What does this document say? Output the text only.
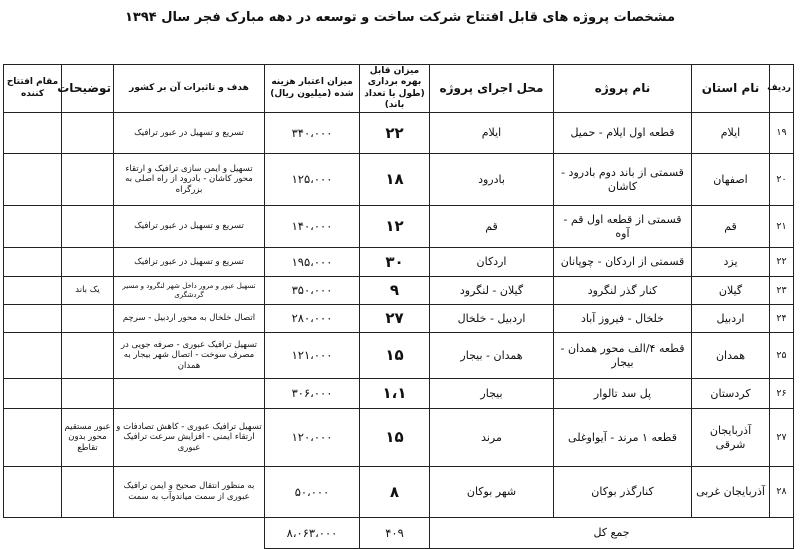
مشخصات پروژه های قابل افتتاح شرکت ساخت و توسعه در دهه مبارک فجر سال ۱۳۹۴
ردیف	نام استان	نام پروژه	محل اجرای پروژه	میزان قابل بهره برداری (طول یا تعداد باند)	میزان اعتبار هزینه شده (میلیون ریال)	هدف و تاثیرات آن بر کشور	توضیحات	مقام افتتاح کننده
۱۹	ایلام	قطعه اول ایلام - حمیل	ایلام	۲۲	۳۴۰،۰۰۰	تسریع و تسهیل در عبور ترافیک		
۲۰	اصفهان	قسمتی از باند دوم بادرود - کاشان	بادرود	۱۸	۱۲۵،۰۰۰	تسهیل و ایمن سازی ترافیک و ارتقاء محور کاشان - بادرود از راه اصلی به بزرگراه		
۲۱	قم	قسمتی از قطعه اول قم - آوه	قم	۱۲	۱۴۰،۰۰۰	تسریع و تسهیل در عبور ترافیک		
۲۲	یزد	قسمتی از اردکان - چوپانان	اردکان	۳۰	۱۹۵،۰۰۰	تسریع و تسهیل در عبور ترافیک		
۲۳	گیلان	کنار گذر لنگرود	گیلان - لنگرود	۹	۳۵۰،۰۰۰	تسهیل عبور و مرور داخل شهر لنگرود و مسیر گردشگری	یک باند	
۲۴	اردبیل	خلخال - فیروز آباد	اردبیل - خلخال	۲۷	۲۸۰،۰۰۰	اتصال خلخال به محور اردبیل - سرچم		
۲۵	همدان	قطعه ۴/الف محور همدان - بیجار	همدان - بیجار	۱۵	۱۲۱،۰۰۰	تسهیل ترافیک عبوری - صرفه جویی در مصرف سوخت - اتصال شهر بیجار به همدان		
۲۶	کردستان	پل سد تالوار	بیجار	۱،۱	۳۰۶،۰۰۰			
۲۷	آذربایجان شرقی	قطعه ۱ مرند - آیواوغلی	مرند	۱۵	۱۲۰،۰۰۰	تسهیل ترافیک عبوری - کاهش تصادفات و ارتقاء ایمنی - افزایش سرعت ترافیک عبوری	عبور مستقیم محور بدون تقاطع	
۲۸	آذربایجان غربی	کنارگذر بوکان	شهر بوکان	۸	۵۰،۰۰۰	به منظور انتقال صحیح و ایمن ترافیک عبوری از سمت میاندوآب به سمت		
جمع کل				۴۰۹	۸،۰۶۳،۰۰۰			
